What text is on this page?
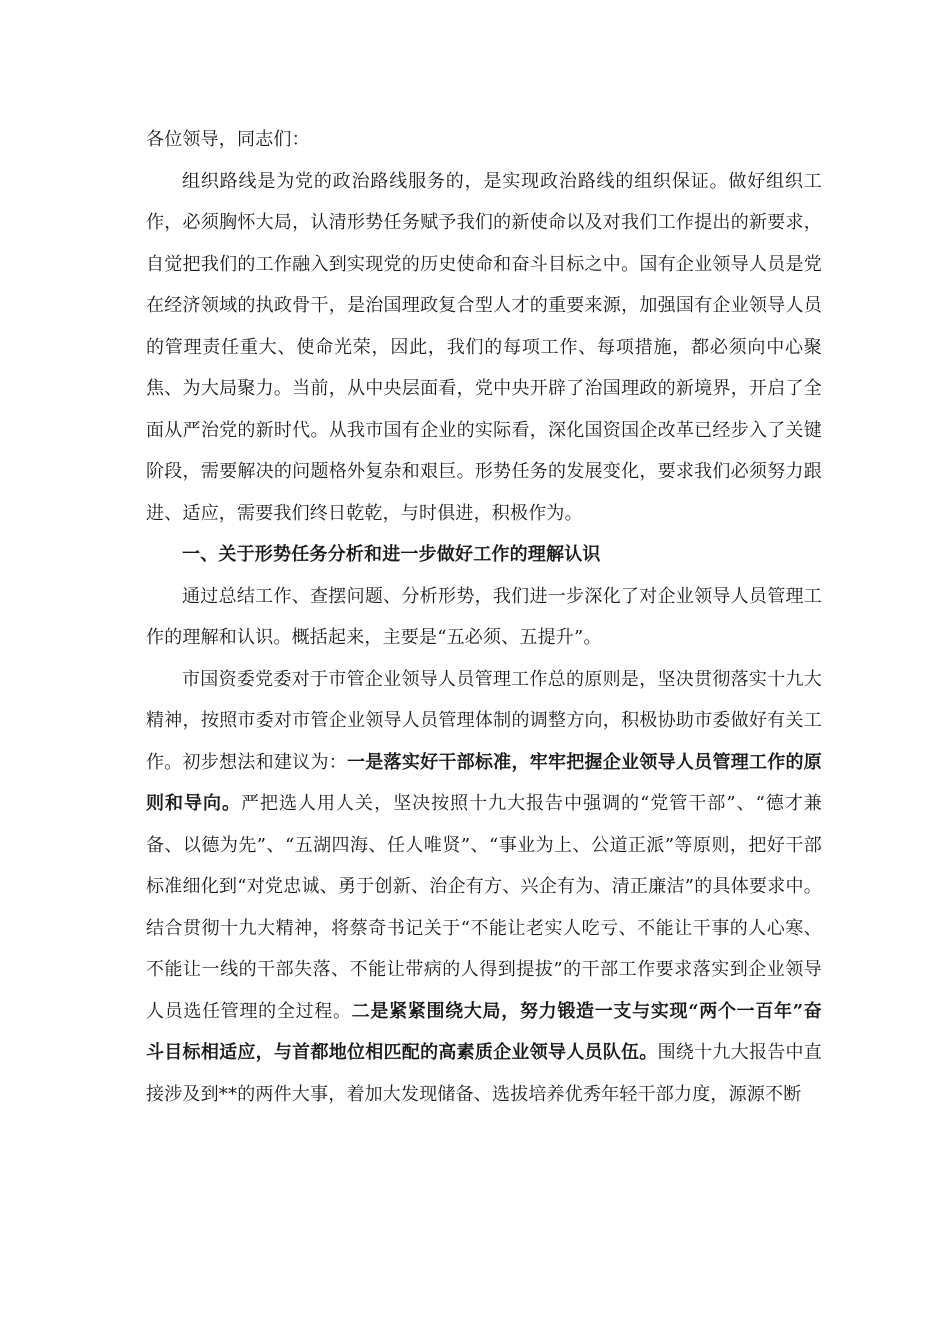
各位领导，同志们：

组织路线是为党的政治路线服务的，是实现政治路线的组织保证。做好组织工作，必须胸怀大局，认清形势任务赋予我们的新使命以及对我们工作提出的新要求，自觉把我们的工作融入到实现党的历史使命和奋斗目标之中。国有企业领导人员是党在经济领域的执政骨干，是治国理政复合型人才的重要来源，加强国有企业领导人员的管理责任重大、使命光荣，因此，我们的每项工作、每项措施，都必须向中心聚焦、为大局聚力。当前，从中央层面看，党中央开辟了治国理政的新境界，开启了全面从严治党的新时代。从我市国有企业的实际看，深化国资国企改革已经步入了关键阶段，需要解决的问题格外复杂和艰巨。形势任务的发展变化，要求我们必须努力跟进、适应，需要我们终日乾乾，与时俱进，积极作为。

一、关于形势任务分析和进一步做好工作的理解认识

通过总结工作、查摆问题、分析形势，我们进一步深化了对企业领导人员管理工作的理解和认识。概括起来，主要是“五必须、五提升”。

市国资委党委对于市管企业领导人员管理工作总的原则是，坚决贯彻落实十九大精神，按照市委对市管企业领导人员管理体制的调整方向，积极协助市委做好有关工作。初步想法和建议为：一是落实好干部标准，牢牢把握企业领导人员管理工作的原则和导向。严把选人用人关，坚决按照十九大报告中强调的“党管干部”、“德才兼备、以德为先”、“五湖四海、任人唯贤”、“事业为上、公道正派”等原则，把好干部标准细化到“对党忠诚、勇于创新、治企有方、兴企有为、清正廉洁”的具体要求中。结合贯彻十九大精神，将蔡奇书记关于“不能让老实人吃亏、不能让干事的人心寒、不能让一线的干部失落、不能让带病的人得到提拔”的干部工作要求落实到企业领导人员选任管理的全过程。二是紧紧围绕大局，努力锻造一支与实现“两个一百年”奋斗目标相适应，与首都地位相匹配的高素质企业领导人员队伍。围绕十九大报告中直接涉及到**的两件大事，着加大发现储备、选拔培养优秀年轻干部力度，源源不断
